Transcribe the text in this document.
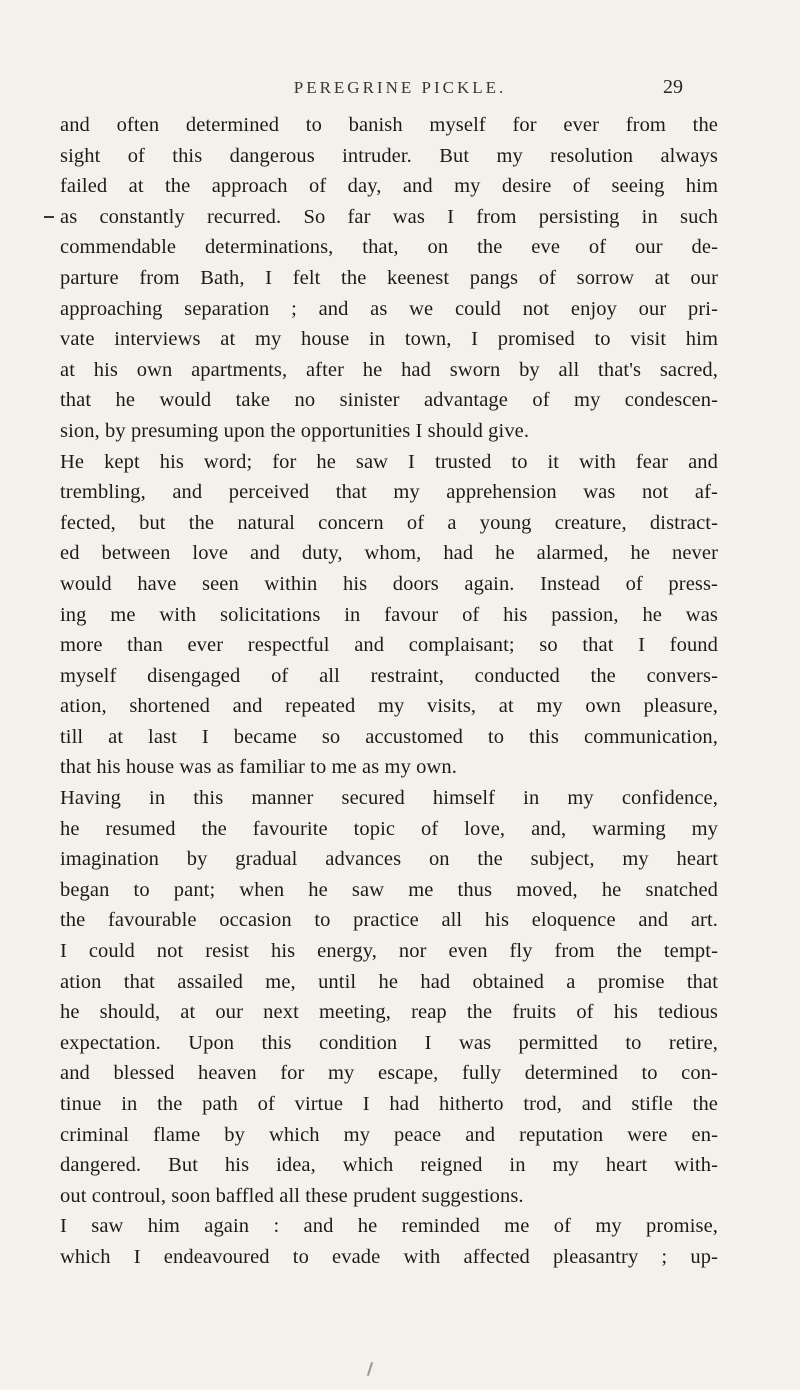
PEREGRINE PICKLE.	29
and often determined to banish myself for ever from the
sight of this dangerous intruder. But my resolution always
failed at the approach of day, and my desire of seeing him
as constantly recurred. So far was I from persisting in such
commendable determinations, that, on the eve of our de-
parture from Bath, I felt the keenest pangs of sorrow at our
approaching separation ; and as we could not enjoy our pri-
vate interviews at my house in town, I promised to visit him
at his own apartments, after he had sworn by all that's sacred,
that he would take no sinister advantage of my condescen-
sion, by presuming upon the opportunities I should give.
He kept his word; for he saw I trusted to it with fear and
trembling, and perceived that my apprehension was not af-
fected, but the natural concern of a young creature, distract-
ed between love and duty, whom, had he alarmed, he never
would have seen within his doors again. Instead of press-
ing me with solicitations in favour of his passion, he was
more than ever respectful and complaisant; so that I found
myself disengaged of all restraint, conducted the convers-
ation, shortened and repeated my visits, at my own pleasure,
till at last I became so accustomed to this communication,
that his house was as familiar to me as my own.
Having in this manner secured himself in my confidence,
he resumed the favourite topic of love, and, warming my
imagination by gradual advances on the subject, my heart
began to pant; when he saw me thus moved, he snatched
the favourable occasion to practice all his eloquence and art.
I could not resist his energy, nor even fly from the tempt-
ation that assailed me, until he had obtained a promise that
he should, at our next meeting, reap the fruits of his tedious
expectation. Upon this condition I was permitted to retire,
and blessed heaven for my escape, fully determined to con-
tinue in the path of virtue I had hitherto trod, and stifle the
criminal flame by which my peace and reputation were en-
dangered. But his idea, which reigned in my heart with-
out controul, soon baffled all these prudent suggestions.
I saw him again : and he reminded me of my promise,
which I endeavoured to evade with affected pleasantry ; up-
